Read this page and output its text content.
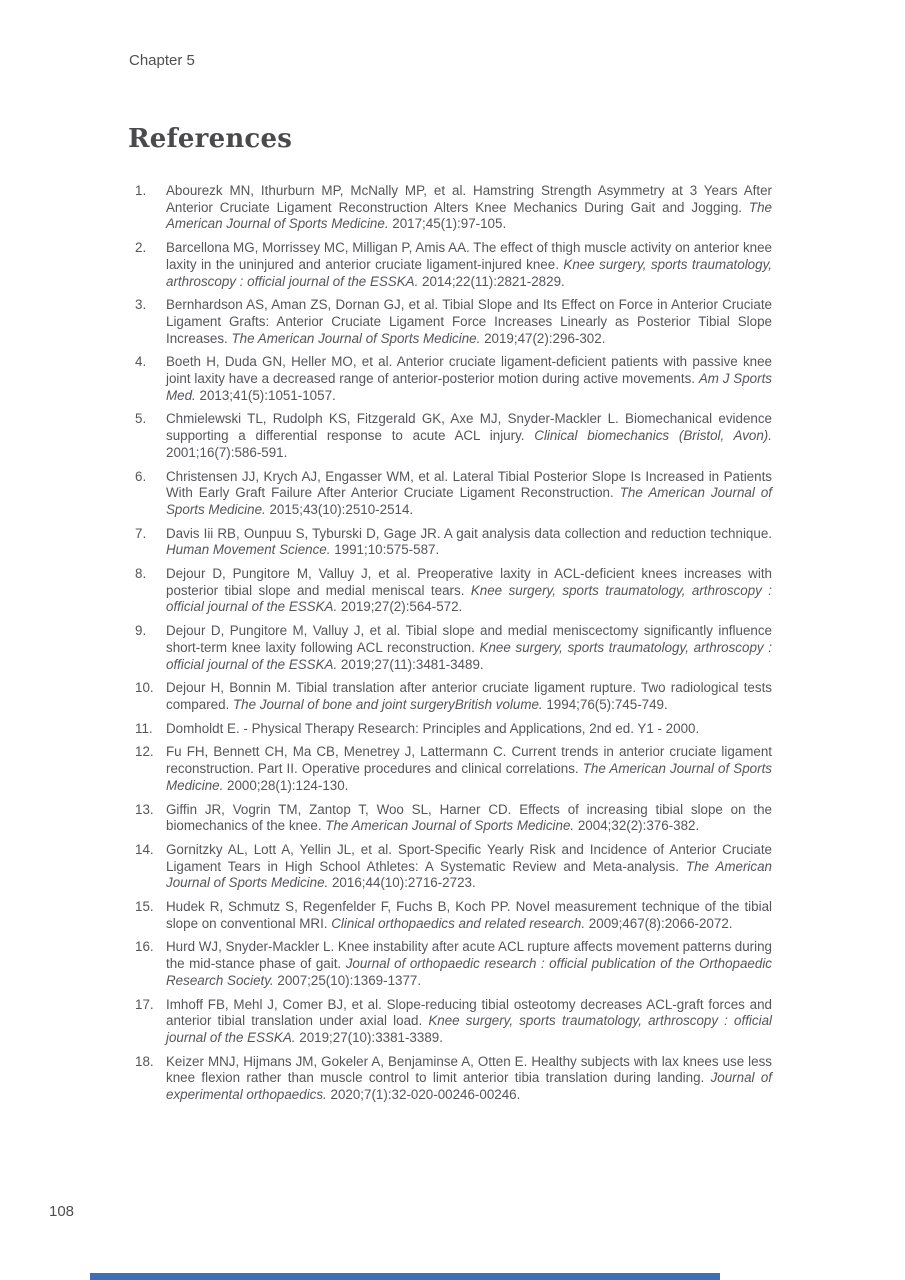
Chapter 5
References
1.	Abourezk MN, Ithurburn MP, McNally MP, et al. Hamstring Strength Asymmetry at 3 Years After Anterior Cruciate Ligament Reconstruction Alters Knee Mechanics During Gait and Jogging. The American Journal of Sports Medicine. 2017;45(1):97-105.
2.	Barcellona MG, Morrissey MC, Milligan P, Amis AA. The effect of thigh muscle activity on anterior knee laxity in the uninjured and anterior cruciate ligament-injured knee. Knee surgery, sports traumatology, arthroscopy : official journal of the ESSKA. 2014;22(11):2821-2829.
3.	Bernhardson AS, Aman ZS, Dornan GJ, et al. Tibial Slope and Its Effect on Force in Anterior Cruciate Ligament Grafts: Anterior Cruciate Ligament Force Increases Linearly as Posterior Tibial Slope Increases. The American Journal of Sports Medicine. 2019;47(2):296-302.
4.	Boeth H, Duda GN, Heller MO, et al. Anterior cruciate ligament-deficient patients with passive knee joint laxity have a decreased range of anterior-posterior motion during active movements. Am J Sports Med. 2013;41(5):1051-1057.
5.	Chmielewski TL, Rudolph KS, Fitzgerald GK, Axe MJ, Snyder-Mackler L. Biomechanical evidence supporting a differential response to acute ACL injury. Clinical biomechanics (Bristol, Avon). 2001;16(7):586-591.
6.	Christensen JJ, Krych AJ, Engasser WM, et al. Lateral Tibial Posterior Slope Is Increased in Patients With Early Graft Failure After Anterior Cruciate Ligament Reconstruction. The American Journal of Sports Medicine. 2015;43(10):2510-2514.
7.	Davis Iii RB, Ounpuu S, Tyburski D, Gage JR. A gait analysis data collection and reduction technique. Human Movement Science. 1991;10:575-587.
8.	Dejour D, Pungitore M, Valluy J, et al. Preoperative laxity in ACL-deficient knees increases with posterior tibial slope and medial meniscal tears. Knee surgery, sports traumatology, arthroscopy : official journal of the ESSKA. 2019;27(2):564-572.
9.	Dejour D, Pungitore M, Valluy J, et al. Tibial slope and medial meniscectomy significantly influence short-term knee laxity following ACL reconstruction. Knee surgery, sports traumatology, arthroscopy : official journal of the ESSKA. 2019;27(11):3481-3489.
10. Dejour H, Bonnin M. Tibial translation after anterior cruciate ligament rupture. Two radiological tests compared. The Journal of bone and joint surgeryBritish volume. 1994;76(5):745-749.
11. Domholdt E. - Physical Therapy Research: Principles and Applications, 2nd ed. Y1 - 2000.
12. Fu FH, Bennett CH, Ma CB, Menetrey J, Lattermann C. Current trends in anterior cruciate ligament reconstruction. Part II. Operative procedures and clinical correlations. The American Journal of Sports Medicine. 2000;28(1):124-130.
13. Giffin JR, Vogrin TM, Zantop T, Woo SL, Harner CD. Effects of increasing tibial slope on the biomechanics of the knee. The American Journal of Sports Medicine. 2004;32(2):376-382.
14. Gornitzky AL, Lott A, Yellin JL, et al. Sport-Specific Yearly Risk and Incidence of Anterior Cruciate Ligament Tears in High School Athletes: A Systematic Review and Meta-analysis. The American Journal of Sports Medicine. 2016;44(10):2716-2723.
15. Hudek R, Schmutz S, Regenfelder F, Fuchs B, Koch PP. Novel measurement technique of the tibial slope on conventional MRI. Clinical orthopaedics and related research. 2009;467(8):2066-2072.
16. Hurd WJ, Snyder-Mackler L. Knee instability after acute ACL rupture affects movement patterns during the mid-stance phase of gait. Journal of orthopaedic research : official publication of the Orthopaedic Research Society. 2007;25(10):1369-1377.
17. Imhoff FB, Mehl J, Comer BJ, et al. Slope-reducing tibial osteotomy decreases ACL-graft forces and anterior tibial translation under axial load. Knee surgery, sports traumatology, arthroscopy : official journal of the ESSKA. 2019;27(10):3381-3389.
18. Keizer MNJ, Hijmans JM, Gokeler A, Benjaminse A, Otten E. Healthy subjects with lax knees use less knee flexion rather than muscle control to limit anterior tibia translation during landing. Journal of experimental orthopaedics. 2020;7(1):32-020-00246-00246.
108
